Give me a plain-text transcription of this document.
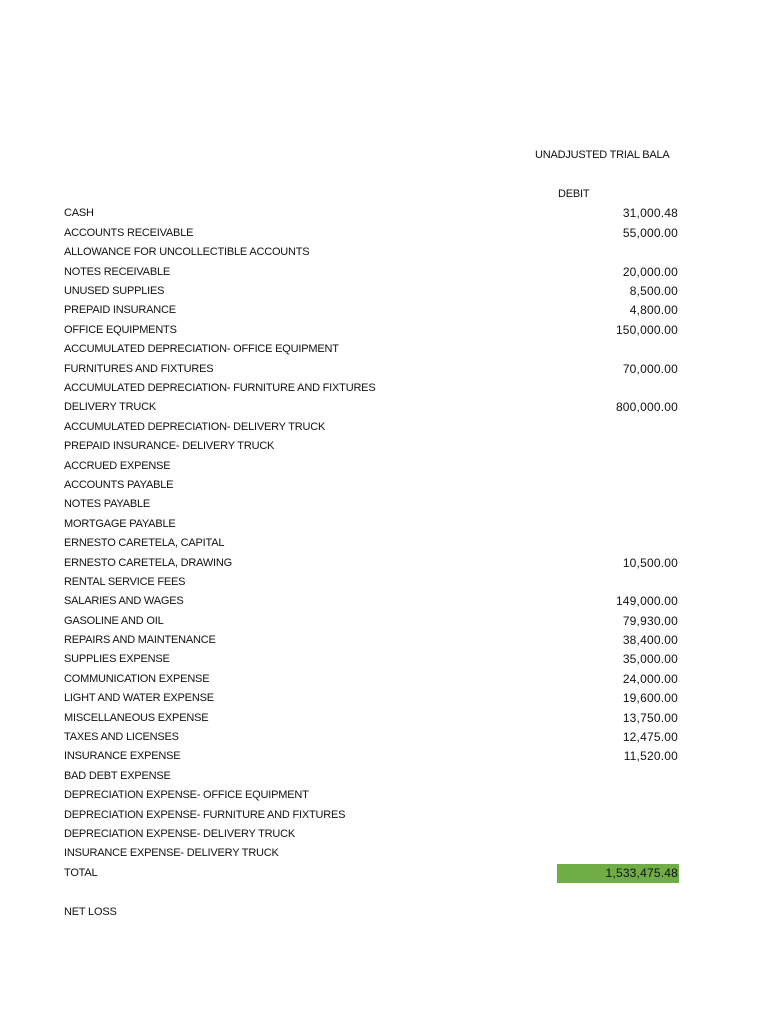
UNADJUSTED TRIAL BALA
DEBIT
CASH	31,000.48
ACCOUNTS RECEIVABLE	55,000.00
ALLOWANCE FOR UNCOLLECTIBLE ACCOUNTS
NOTES RECEIVABLE	20,000.00
UNUSED SUPPLIES	8,500.00
PREPAID INSURANCE	4,800.00
OFFICE EQUIPMENTS	150,000.00
ACCUMULATED DEPRECIATION- OFFICE EQUIPMENT
FURNITURES AND FIXTURES	70,000.00
ACCUMULATED DEPRECIATION- FURNITURE AND FIXTURES
DELIVERY TRUCK	800,000.00
ACCUMULATED DEPRECIATION- DELIVERY TRUCK
PREPAID INSURANCE- DELIVERY TRUCK
ACCRUED EXPENSE
ACCOUNTS PAYABLE
NOTES PAYABLE
MORTGAGE PAYABLE
ERNESTO CARETELA, CAPITAL
ERNESTO CARETELA, DRAWING	10,500.00
RENTAL SERVICE FEES
SALARIES AND WAGES	149,000.00
GASOLINE AND OIL	79,930.00
REPAIRS AND MAINTENANCE	38,400.00
SUPPLIES EXPENSE	35,000.00
COMMUNICATION EXPENSE	24,000.00
LIGHT AND WATER EXPENSE	19,600.00
MISCELLANEOUS EXPENSE	13,750.00
TAXES AND LICENSES	12,475.00
INSURANCE EXPENSE	11,520.00
BAD DEBT EXPENSE
DEPRECIATION EXPENSE- OFFICE EQUIPMENT
DEPRECIATION EXPENSE- FURNITURE AND FIXTURES
DEPRECIATION EXPENSE- DELIVERY TRUCK
INSURANCE EXPENSE- DELIVERY TRUCK
TOTAL	1,533,475.48
NET LOSS
